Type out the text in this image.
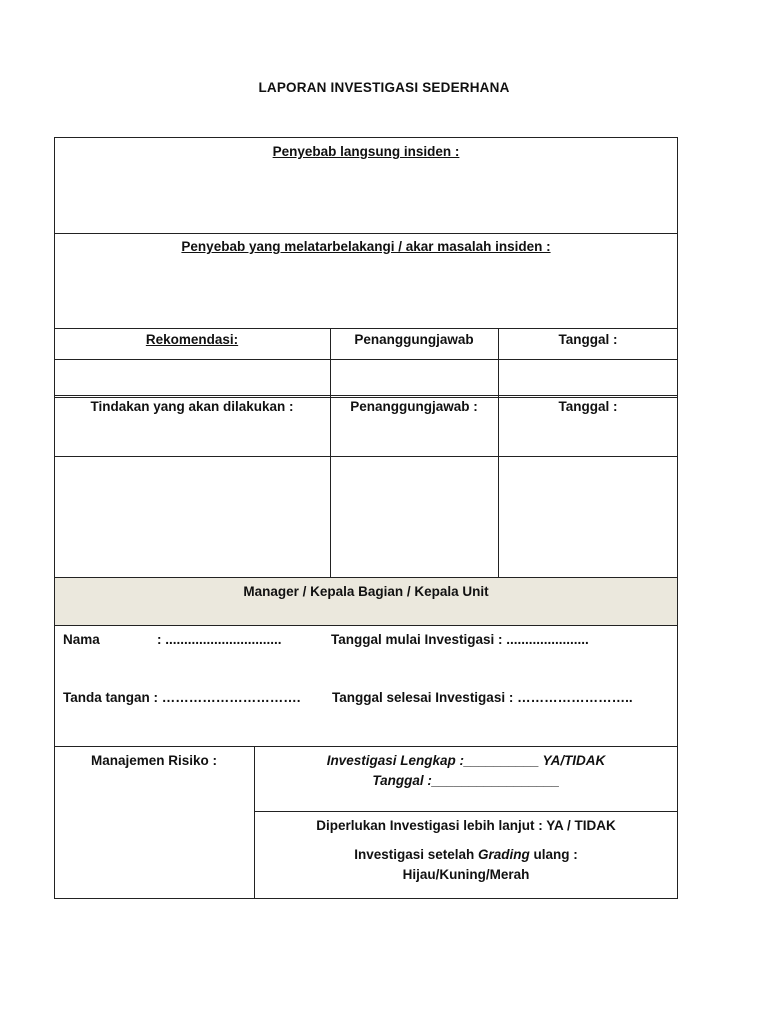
LAPORAN INVESTIGASI SEDERHANA
Penyebab langsung insiden :
Penyebab yang melatarbelakangi / akar masalah insiden :
Rekomendasi:	Penanggungjawab	Tanggal :
Tindakan yang akan dilakukan :	Penanggungjawab :	Tanggal :
Manager / Kepala Bagian / Kepala Unit
Nama	: ...............................	Tanggal mulai Investigasi : ......................
Tanda tangan : …………………………. Tanggal selesai Investigasi : ……………………..
Manajemen Risiko :	Investigasi Lengkap :__________ YA/TIDAK
Tanggal :_________________
Diperlukan Investigasi lebih lanjut : YA / TIDAK
Investigasi setelah Grading ulang :
Hijau/Kuning/Merah
